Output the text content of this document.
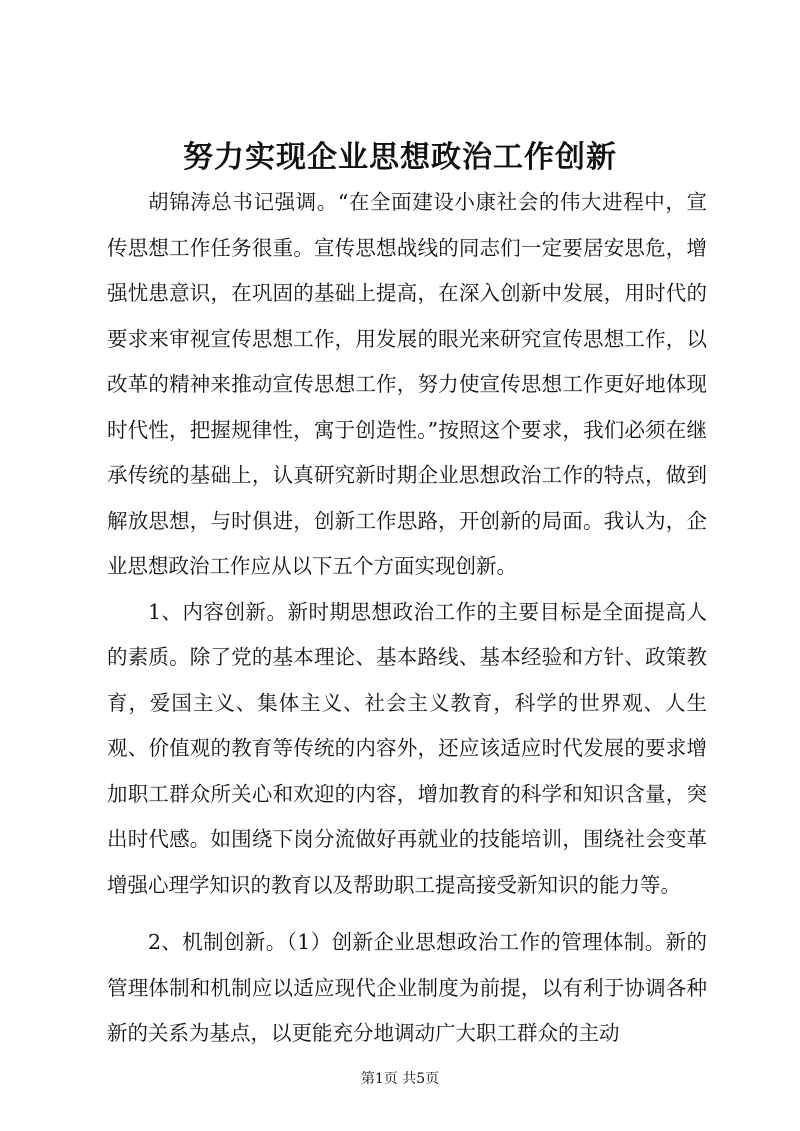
努力实现企业思想政治工作创新

胡锦涛总书记强调。“在全面建设小康社会的伟大进程中，宣传思想工作任务很重。宣传思想战线的同志们一定要居安思危，增强忧患意识，在巩固的基础上提高，在深入创新中发展，用时代的要求来审视宣传思想工作，用发展的眼光来研究宣传思想工作，以改革的精神来推动宣传思想工作，努力使宣传思想工作更好地体现时代性，把握规律性，寓于创造性。”按照这个要求，我们必须在继承传统的基础上，认真研究新时期企业思想政治工作的特点，做到解放思想，与时俱进，创新工作思路，开创新的局面。我认为，企业思想政治工作应从以下五个方面实现创新。

1、内容创新。新时期思想政治工作的主要目标是全面提高人的素质。除了党的基本理论、基本路线、基本经验和方针、政策教育，爱国主义、集体主义、社会主义教育，科学的世界观、人生观、价值观的教育等传统的内容外，还应该适应时代发展的要求增加职工群众所关心和欢迎的内容，增加教育的科学和知识含量，突出时代感。如围绕下岗分流做好再就业的技能培训，围绕社会变革增强心理学知识的教育以及帮助职工提高接受新知识的能力等。

2、机制创新。（1）创新企业思想政治工作的管理体制。新的管理体制和机制应以适应现代企业制度为前提，以有利于协调各种新的关系为基点，以更能充分地调动广大职工群众的主动

第1页 共5页
